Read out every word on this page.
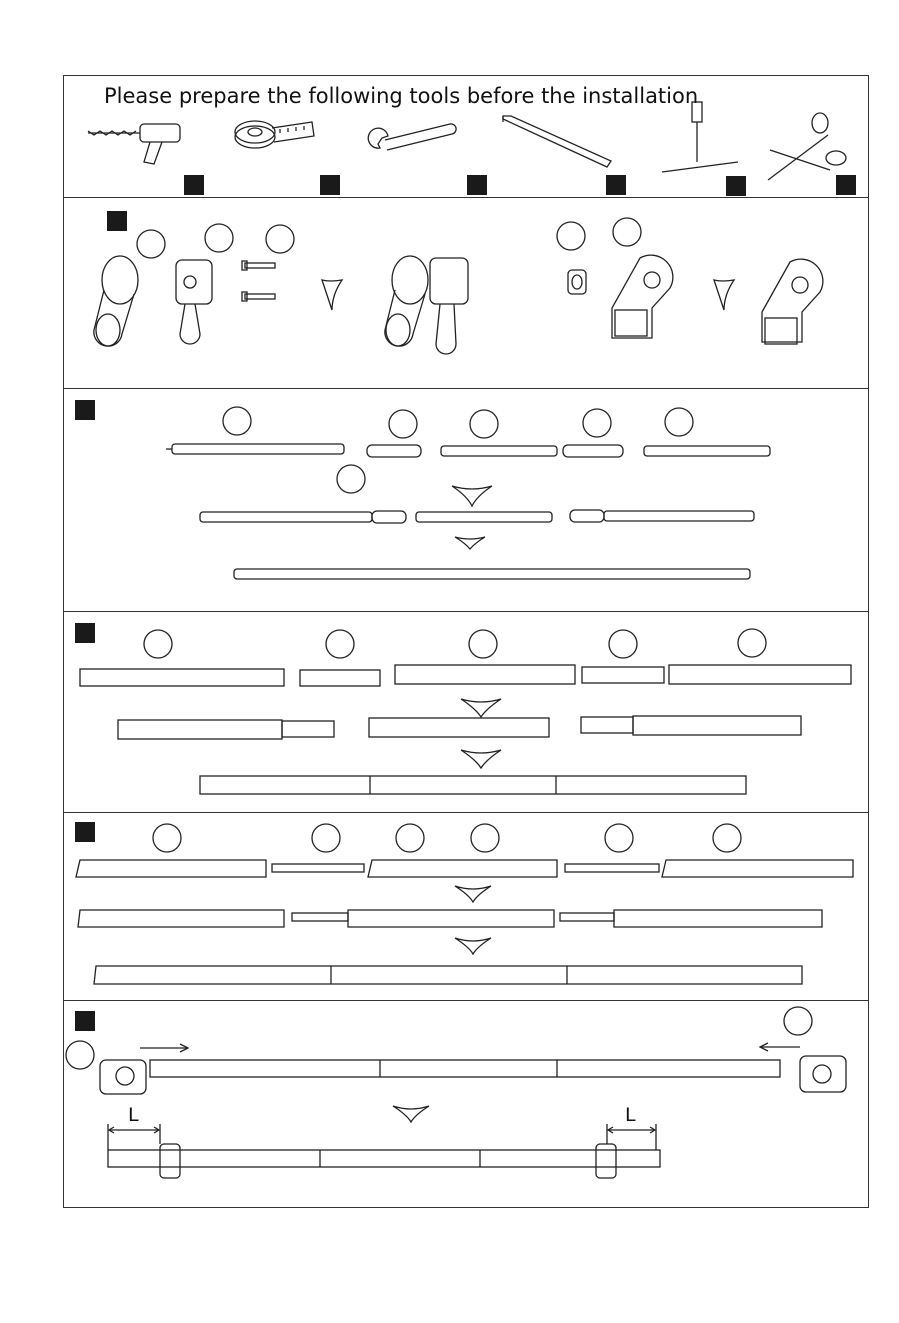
Please prepare the following tools before the installation
L	L
